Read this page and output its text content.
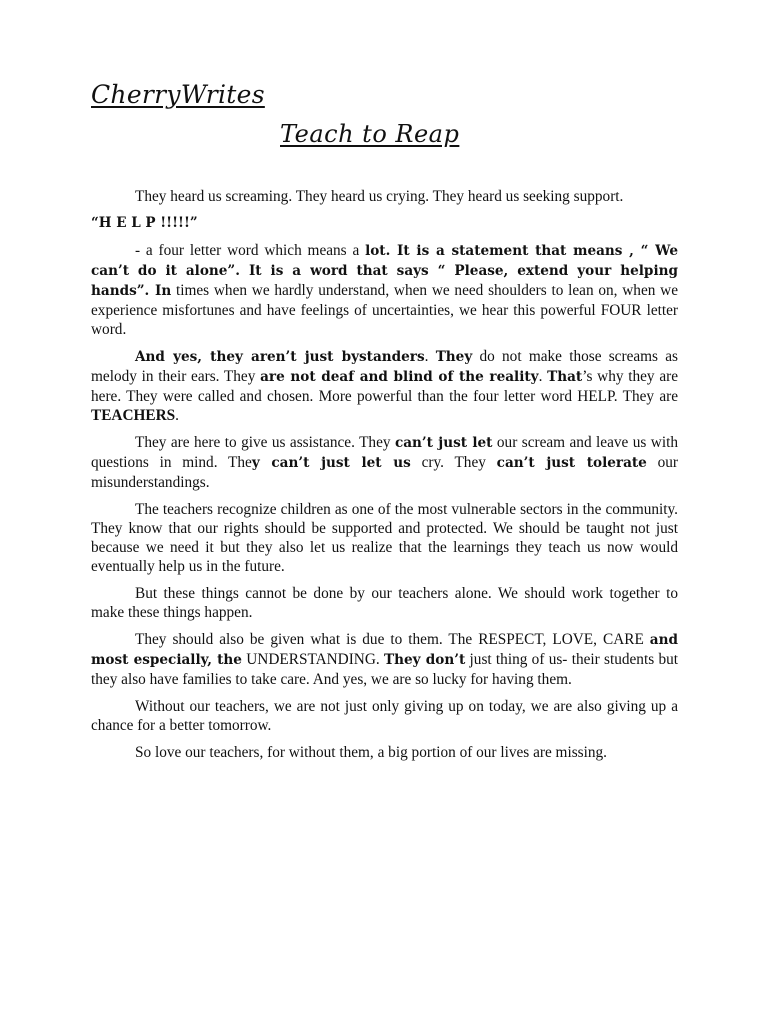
CherryWrites
Teach to Reap

They heard us screaming. They heard us crying. They heard us seeking support.

“H E L P !!!!!”

- a four letter word which means a lot. It is a statement that means , “ We can’t do it alone”. It is a word that says “ Please, extend your helping hands”. In times when we hardly understand, when we need shoulders to lean on, when we experience misfortunes and have feelings of uncertainties, we hear this powerful FOUR letter word.

And yes, they aren’t just bystanders. They do not make those screams as melody in their ears. They are not deaf and blind of the reality. That’s why they are here. They were called and chosen. More powerful than the four letter word HELP. They are TEACHERS.

They are here to give us assistance. They can’t just let our scream and leave us with questions in mind. They can’t just let us cry. They can’t just tolerate our misunderstandings.

The teachers recognize children as one of the most vulnerable sectors in the community. They know that our rights should be supported and protected. We should be taught not just because we need it but they also let us realize that the learnings they teach us now would eventually help us in the future.

But these things cannot be done by our teachers alone. We should work together to make these things happen.

They should also be given what is due to them. The RESPECT, LOVE, CARE and most especially, the UNDERSTANDING. They don’t just thing of us- their students but they also have families to take care. And yes, we are so lucky for having them.

Without our teachers, we are not just only giving up on today, we are also giving up a chance for a better tomorrow.

So love our teachers, for without them, a big portion of our lives are missing.
